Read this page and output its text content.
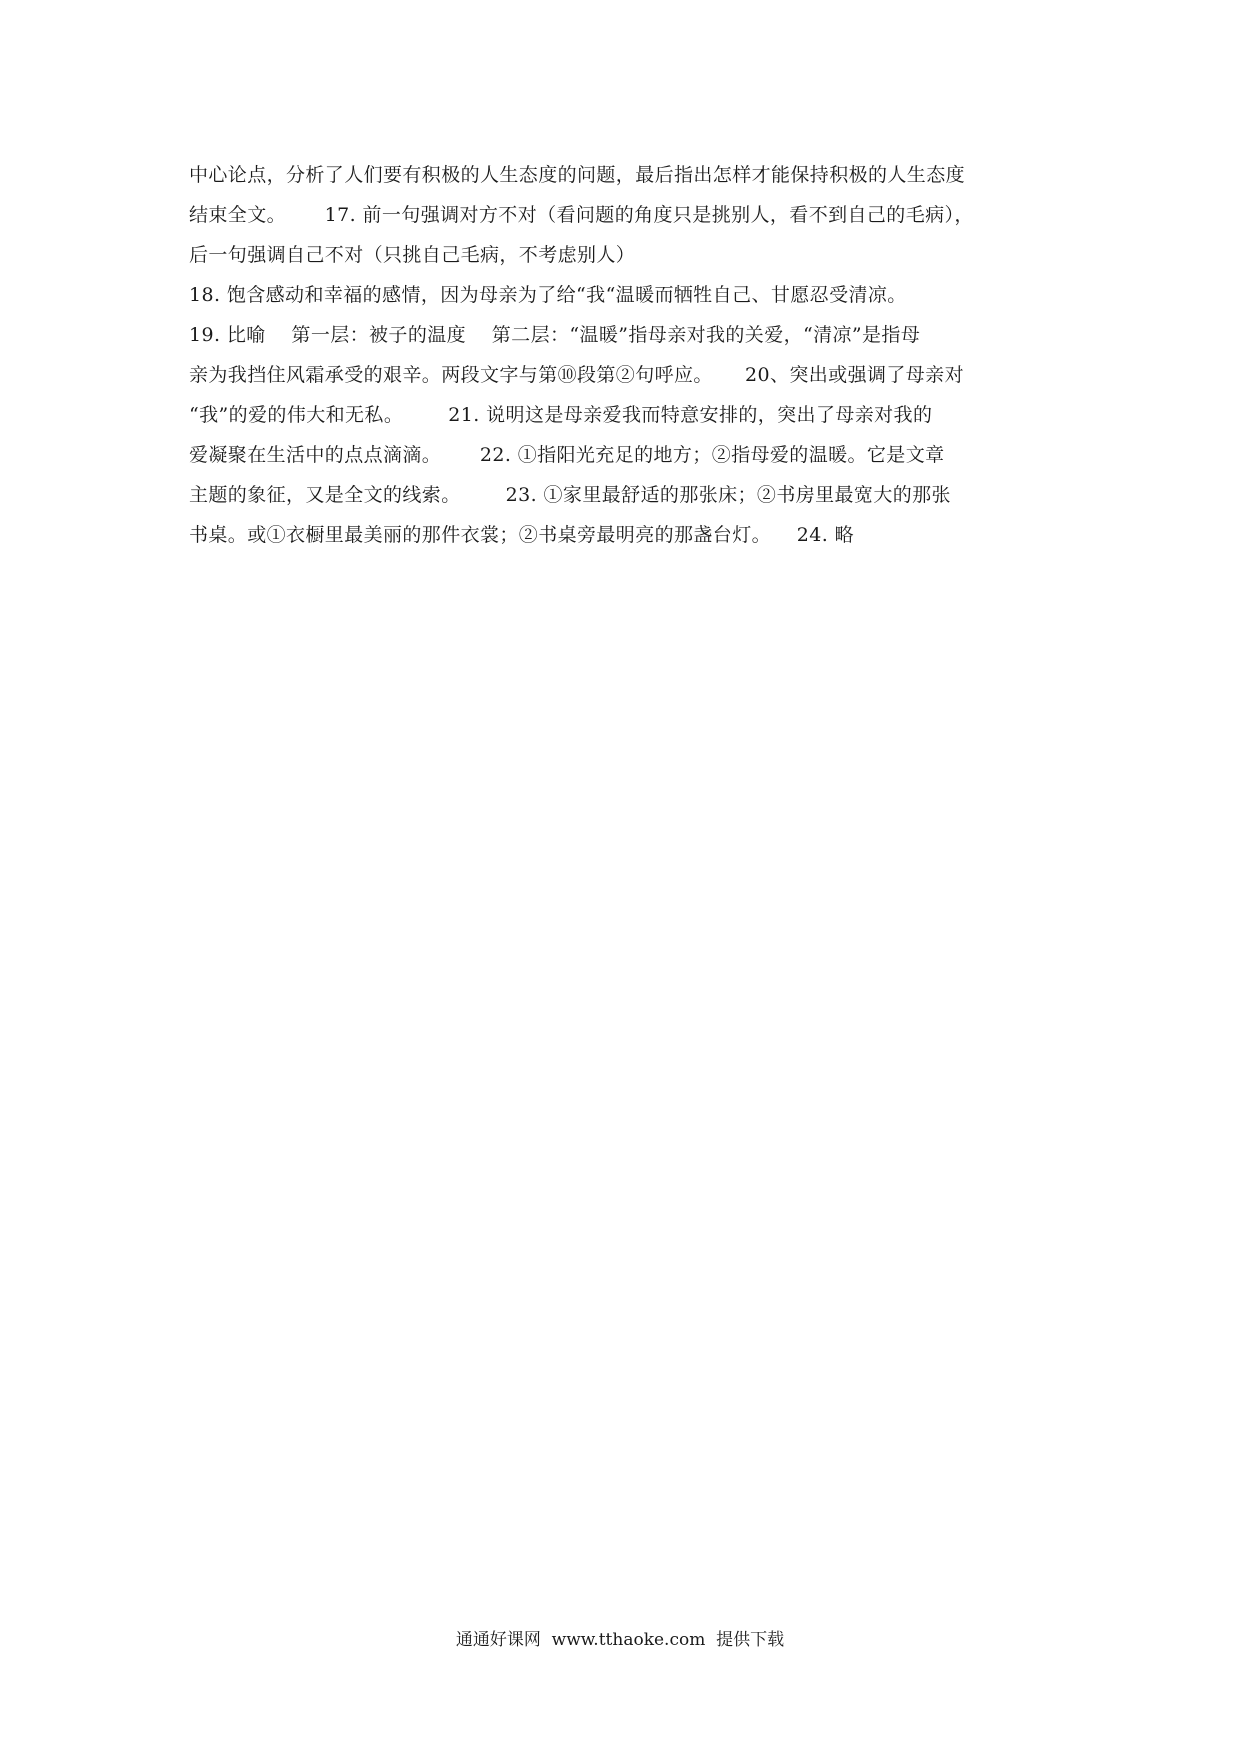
中心论点，分析了人们要有积极的人生态度的问题，最后指出怎样才能保持积极的人生态度
结束全文。      17. 前一句强调对方不对（看问题的角度只是挑别人，看不到自己的毛病），
后一句强调自己不对（只挑自己毛病，不考虑别人）
18. 饱含感动和幸福的感情，因为母亲为了给“我“温暖而牺牲自己、甘愿忍受清凉。
19. 比喻    第一层：被子的温度    第二层：“温暖”指母亲对我的关爱，“清凉”是指母
亲为我挡住风霜承受的艰辛。两段文字与第⑩段第②句呼应。     20、突出或强调了母亲对
“我”的爱的伟大和无私。       21. 说明这是母亲爱我而特意安排的，突出了母亲对我的
爱凝聚在生活中的点点滴滴。      22. ①指阳光充足的地方；②指母爱的温暖。它是文章
主题的象征，又是全文的线索。       23. ①家里最舒适的那张床；②书房里最宽大的那张
书桌。或①衣橱里最美丽的那件衣裳；②书桌旁最明亮的那盏台灯。    24. 略
通通好课网  www.tthaoke.com  提供下载
